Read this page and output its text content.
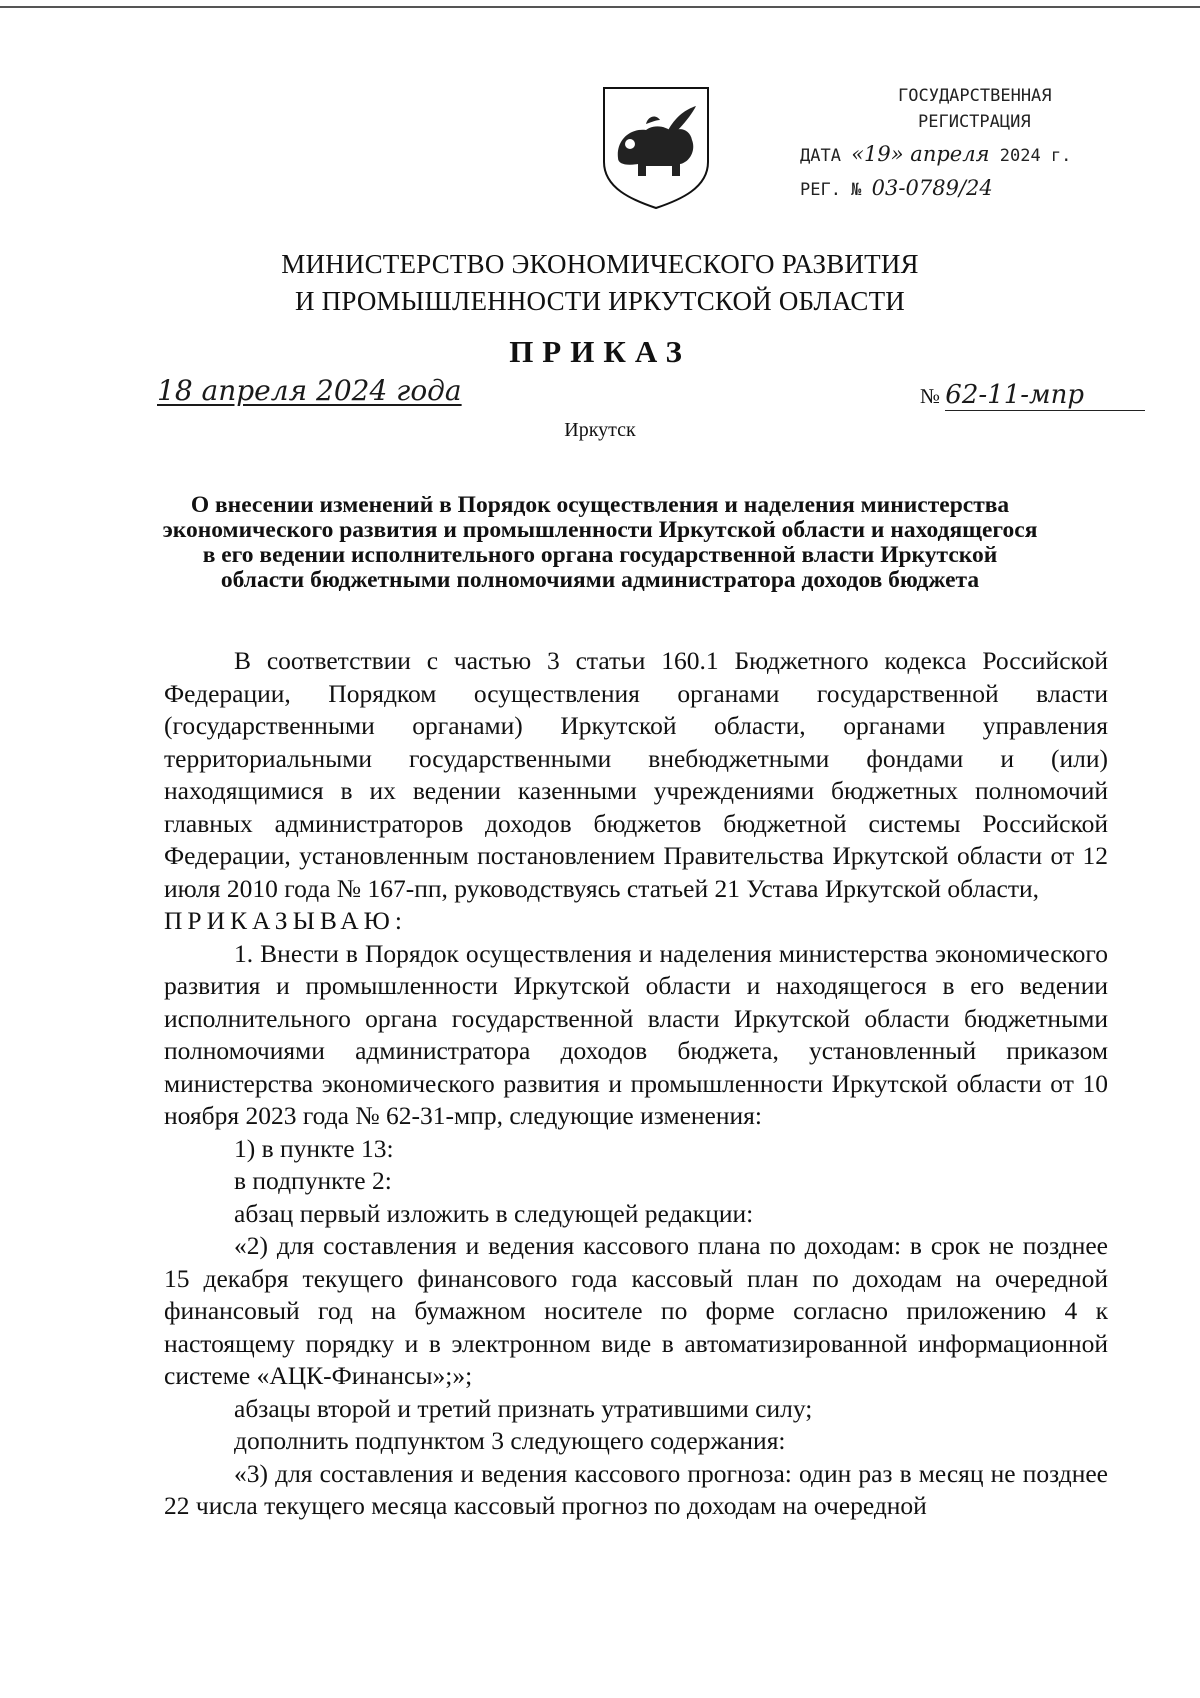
ГОСУДАРСТВЕННАЯ
РЕГИСТРАЦИЯ
ДАТА «19» апреля 2024 г.
РЕГ. № 03-0789/24
МИНИСТЕРСТВО ЭКОНОМИЧЕСКОГО РАЗВИТИЯ
И ПРОМЫШЛЕННОСТИ ИРКУТСКОЙ ОБЛАСТИ
ПРИКАЗ
18 апреля 2024 года	№ 62-11-мпр
Иркутск

О внесении изменений в Порядок осуществления и наделения министерства экономического развития и промышленности Иркутской области и находящегося в его ведении исполнительного органа государственной власти Иркутской области бюджетными полномочиями администратора доходов бюджета

В соответствии с частью 3 статьи 160.1 Бюджетного кодекса Российской Федерации, Порядком осуществления органами государственной власти (государственными органами) Иркутской области, органами управления территориальными государственными внебюджетными фондами и (или) находящимися в их ведении казенными учреждениями бюджетных полномочий главных администраторов доходов бюджетов бюджетной системы Российской Федерации, установленным постановлением Правительства Иркутской области от 12 июля 2010 года № 167-пп, руководствуясь статьей 21 Устава Иркутской области,

ПРИКАЗЫВАЮ:

1. Внести в Порядок осуществления и наделения министерства экономического развития и промышленности Иркутской области и находящегося в его ведении исполнительного органа государственной власти Иркутской области бюджетными полномочиями администратора доходов бюджета, установленный приказом министерства экономического развития и промышленности Иркутской области от 10 ноября 2023 года № 62-31-мпр, следующие изменения:

1) в пункте 13:

в подпункте 2:

абзац первый изложить в следующей редакции:

«2) для составления и ведения кассового плана по доходам: в срок не позднее 15 декабря текущего финансового года кассовый план по доходам на очередной финансовый год на бумажном носителе по форме согласно приложению 4 к настоящему порядку и в электронном виде в автоматизированной информационной системе «АЦК-Финансы»;»;

абзацы второй и третий признать утратившими силу;

дополнить подпунктом 3 следующего содержания:

«3) для составления и ведения кассового прогноза: один раз в месяц не позднее 22 числа текущего месяца кассовый прогноз по доходам на очередной
